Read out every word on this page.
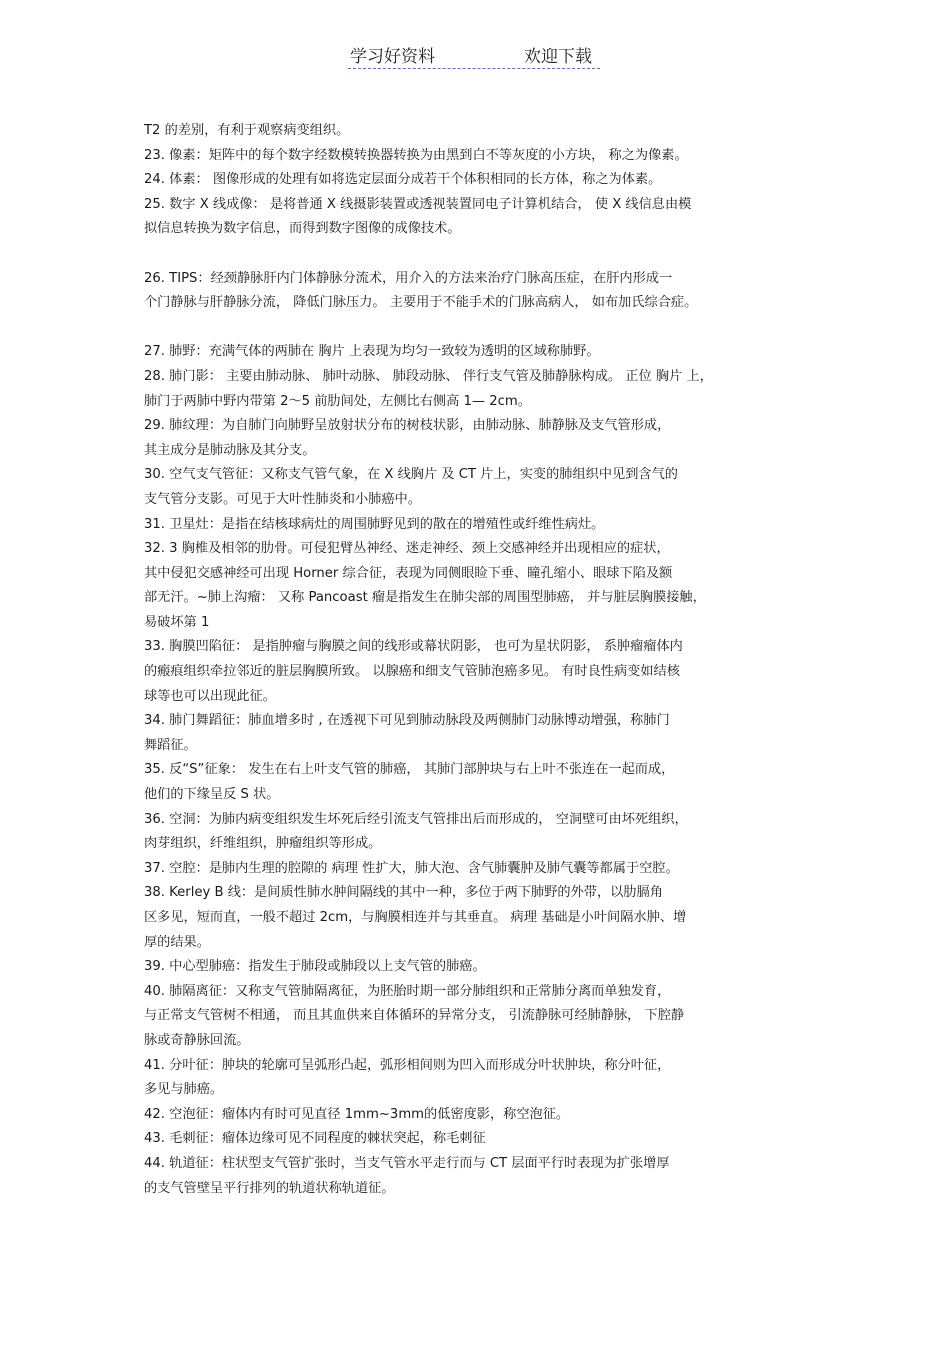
学习好资料	欢迎下载
T2 的差别，有利于观察病变组织。
23. 像素：矩阵中的每个数字经数模转换器转换为由黑到白不等灰度的小方块， 称之为像素。
24. 体素： 图像形成的处理有如将选定层面分成若干个体积相同的长方体，称之为体素。
25. 数字 X 线成像： 是将普通 X 线摄影装置或透视装置同电子计算机结合， 使 X 线信息由模
拟信息转换为数字信息，而得到数字图像的成像技术。
26. TIPS：经颈静脉肝内门体静脉分流术，用介入的方法来治疗门脉高压症，在肝内形成一
个门静脉与肝静脉分流， 降低门脉压力。 主要用于不能手术的门脉高病人， 如布加氏综合症。
27. 肺野：充满气体的两肺在 胸片 上表现为均匀一致较为透明的区域称肺野。
28. 肺门影： 主要由肺动脉、 肺叶动脉、 肺段动脉、 伴行支气管及肺静脉构成。 正位 胸片 上，
肺门于两肺中野内带第 2～5 前肋间处，左侧比右侧高 1— 2cm。
29. 肺纹理：为自肺门向肺野呈放射状分布的树枝状影，由肺动脉、肺静脉及支气管形成，
其主成分是肺动脉及其分支。
30. 空气支气管征：又称支气管气象，在 X 线胸片 及 CT 片上，实变的肺组织中见到含气的
支气管分支影。可见于大叶性肺炎和小肺癌中。
31. 卫星灶：是指在结核球病灶的周围肺野见到的散在的增殖性或纤维性病灶。
32. 3 胸椎及相邻的肋骨。可侵犯臂丛神经、迷走神经、颈上交感神经并出现相应的症状，
其中侵犯交感神经可出现 Horner 综合征，表现为同侧眼睑下垂、瞳孔缩小、眼球下陷及额
部无汗。~肺上沟瘤： 又称 Pancoast 瘤是指发生在肺尖部的周围型肺癌， 并与脏层胸膜接触，
易破坏第 1
33. 胸膜凹陷征： 是指肿瘤与胸膜之间的线形或幕状阴影， 也可为星状阴影， 系肿瘤瘤体内
的瘢痕组织牵拉邻近的脏层胸膜所致。 以腺癌和细支气管肺泡癌多见。 有时良性病变如结核
球等也可以出现此征。
34. 肺门舞蹈征：肺血增多时 , 在透视下可见到肺动脉段及两侧肺门动脉博动增强，称肺门
舞蹈征。
35. 反“S”征象： 发生在右上叶支气管的肺癌， 其肺门部肿块与右上叶不张连在一起而成，
他们的下缘呈反 S 状。
36. 空洞：为肺内病变组织发生坏死后经引流支气管排出后而形成的， 空洞壁可由坏死组织，
肉芽组织，纤维组织，肿瘤组织等形成。
37. 空腔：是肺内生理的腔隙的 病理 性扩大，肺大泡、含气肺囊肿及肺气囊等都属于空腔。
38. Kerley B 线：是间质性肺水肿间隔线的其中一种，多位于两下肺野的外带，以肋膈角
区多见，短而直，一般不超过 2cm，与胸膜相连并与其垂直。 病理 基础是小叶间隔水肿、增
厚的结果。
39. 中心型肺癌：指发生于肺段或肺段以上支气管的肺癌。
40. 肺隔离征：又称支气管肺隔离征，为胚胎时期一部分肺组织和正常肺分离而单独发育，
与正常支气管树不相通， 而且其血供来自体循环的异常分支， 引流静脉可经肺静脉， 下腔静
脉或奇静脉回流。
41. 分叶征：肿块的轮廓可呈弧形凸起，弧形相间则为凹入而形成分叶状肿块，称分叶征，
多见与肺癌。
42. 空泡征：瘤体内有时可见直径 1mm~3mm的低密度影，称空泡征。
43. 毛刺征：瘤体边缘可见不同程度的棘状突起，称毛刺征
44. 轨道征：柱状型支气管扩张时，当支气管水平走行而与 CT 层面平行时表现为扩张增厚
的支气管壁呈平行排列的轨道状称轨道征。
